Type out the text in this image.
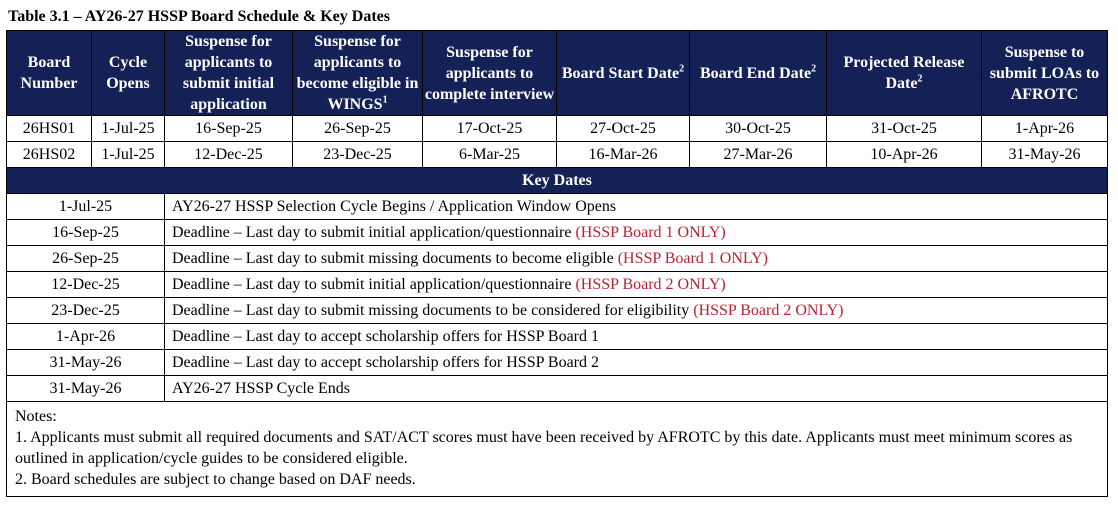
Table 3.1 – AY26-27 HSSP Board Schedule & Key Dates
Board Number	Cycle Opens	Suspense for applicants to submit initial application	Suspense for applicants to become eligible in WINGS$^1$	Suspense for applicants to complete interview	Board Start Date$^2$	Board End Date$^2$	Projected Release Date$^2$	Suspense to submit LOAs to AFROTC
26HS01	1-Jul-25	16-Sep-25	26-Sep-25	17-Oct-25	27-Oct-25	30-Oct-25	31-Oct-25	1-Apr-26
26HS02	1-Jul-25	12-Dec-25	23-Dec-25	6-Mar-25	16-Mar-26	27-Mar-26	10-Apr-26	31-May-26
Key Dates								
1-Jul-25		AY26-27 HSSP Selection Cycle Begins / Application Window Opens						
16-Sep-25		Deadline – Last day to submit initial application/questionnaire (HSSP Board 1 ONLY)						
26-Sep-25		Deadline – Last day to submit missing documents to become eligible (HSSP Board 1 ONLY)						
12-Dec-25		Deadline – Last day to submit initial application/questionnaire (HSSP Board 2 ONLY)						
23-Dec-25		Deadline – Last day to submit missing documents to be considered for eligibility (HSSP Board 2 ONLY)						
1-Apr-26		Deadline – Last day to accept scholarship offers for HSSP Board 1						
31-May-26		Deadline – Last day to accept scholarship offers for HSSP Board 2						
31-May-26		AY26-27 HSSP Cycle Ends						

Notes:
1. Applicants must submit all required documents and SAT/ACT scores must have been received by AFROTC by this date. Applicants must meet minimum scores as outlined in application/cycle guides to be considered eligible.
2. Board schedules are subject to change based on DAF needs.								
